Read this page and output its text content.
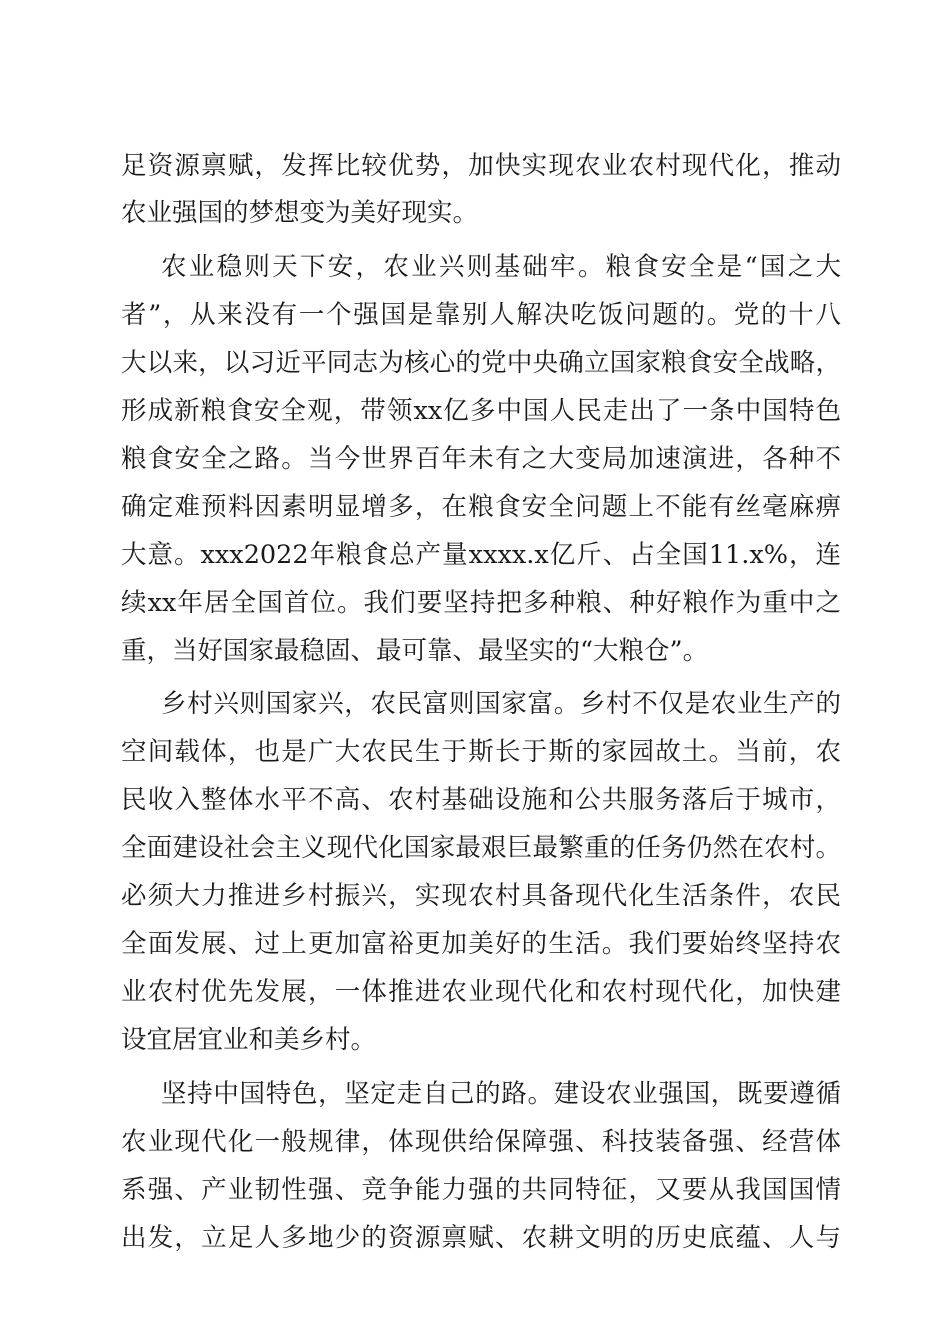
足资源禀赋，发挥比较优势，加快实现农业农村现代化，推动
农业强国的梦想变为美好现实。
农业稳则天下安，农业兴则基础牢。粮食安全是“国之大
者”，从来没有一个强国是靠别人解决吃饭问题的。党的十八
大以来，以习近平同志为核心的党中央确立国家粮食安全战略，
形成新粮食安全观，带领xx亿多中国人民走出了一条中国特色
粮食安全之路。当今世界百年未有之大变局加速演进，各种不
确定难预料因素明显增多，在粮食安全问题上不能有丝毫麻痹
大意。xxx2022年粮食总产量xxxx.x亿斤、占全国11.x%，连
续xx年居全国首位。我们要坚持把多种粮、种好粮作为重中之
重，当好国家最稳固、最可靠、最坚实的“大粮仓”。
乡村兴则国家兴，农民富则国家富。乡村不仅是农业生产的
空间载体，也是广大农民生于斯长于斯的家园故土。当前，农
民收入整体水平不高、农村基础设施和公共服务落后于城市，
全面建设社会主义现代化国家最艰巨最繁重的任务仍然在农村。
必须大力推进乡村振兴，实现农村具备现代化生活条件，农民
全面发展、过上更加富裕更加美好的生活。我们要始终坚持农
业农村优先发展，一体推进农业现代化和农村现代化，加快建
设宜居宜业和美乡村。
坚持中国特色，坚定走自己的路。建设农业强国，既要遵循
农业现代化一般规律，体现供给保障强、科技装备强、经营体
系强、产业韧性强、竞争能力强的共同特征，又要从我国国情
出发，立足人多地少的资源禀赋、农耕文明的历史底蕴、人与
